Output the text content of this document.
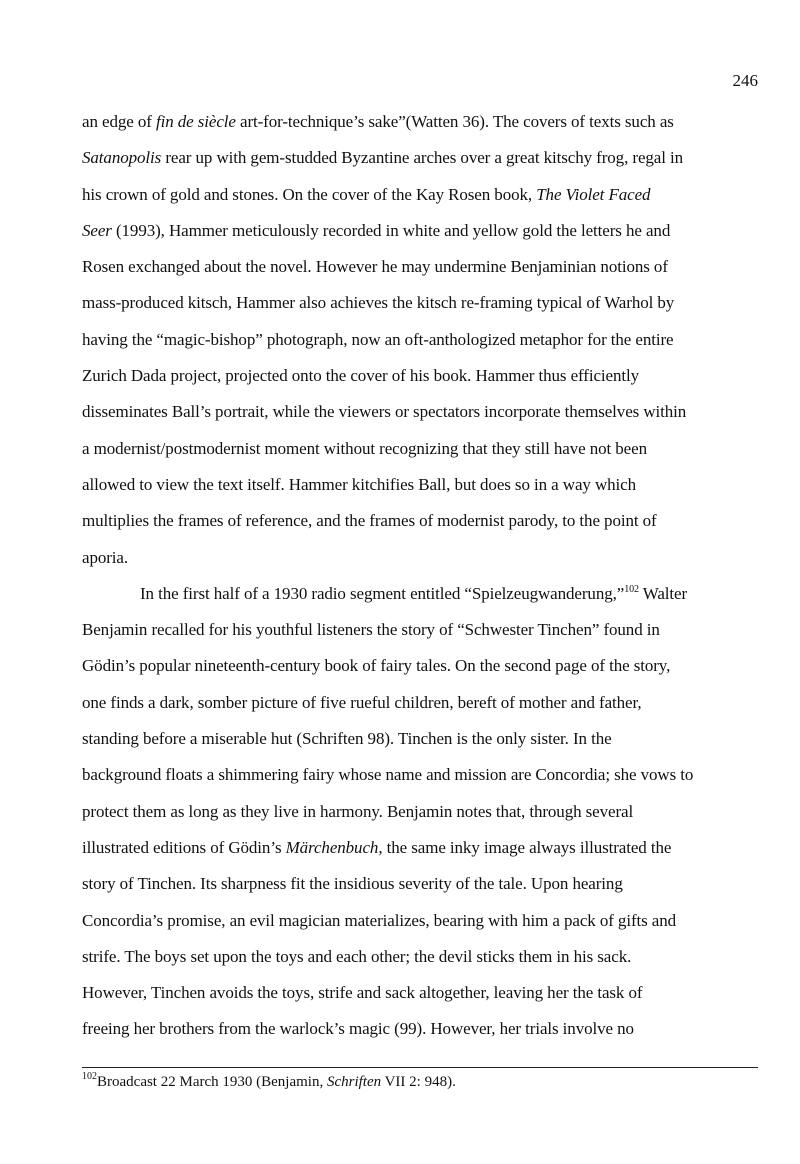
246
an edge of fin de siècle art-for-technique’s sake”(Watten 36). The covers of texts such as
Satanopolis rear up with gem-studded Byzantine arches over a great kitschy frog, regal in
his crown of gold and stones. On the cover of the Kay Rosen book, The Violet Faced
Seer (1993), Hammer meticulously recorded in white and yellow gold the letters he and
Rosen exchanged about the novel. However he may undermine Benjaminian notions of
mass-produced kitsch, Hammer also achieves the kitsch re-framing typical of Warhol by
having the “magic-bishop” photograph, now an oft-anthologized metaphor for the entire
Zurich Dada project, projected onto the cover of his book. Hammer thus efficiently
disseminates Ball’s portrait, while the viewers or spectators incorporate themselves within
a modernist/postmodernist moment without recognizing that they still have not been
allowed to view the text itself. Hammer kitchifies Ball, but does so in a way which
multiplies the frames of reference, and the frames of modernist parody, to the point of
aporia.
In the first half of a 1930 radio segment entitled “Spielzeugwanderung,”$^{102}$ Walter
Benjamin recalled for his youthful listeners the story of “Schwester Tinchen” found in
Gödin’s popular nineteenth-century book of fairy tales. On the second page of the story,
one finds a dark, somber picture of five rueful children, bereft of mother and father,
standing before a miserable hut (Schriften 98). Tinchen is the only sister. In the
background floats a shimmering fairy whose name and mission are Concordia; she vows to
protect them as long as they live in harmony. Benjamin notes that, through several
illustrated editions of Gödin’s Märchenbuch, the same inky image always illustrated the
story of Tinchen. Its sharpness fit the insidious severity of the tale. Upon hearing
Concordia’s promise, an evil magician materializes, bearing with him a pack of gifts and
strife. The boys set upon the toys and each other; the devil sticks them in his sack.
However, Tinchen avoids the toys, strife and sack altogether, leaving her the task of
freeing her brothers from the warlock’s magic (99). However, her trials involve no
$^{102}$Broadcast 22 March 1930 (Benjamin, Schriften VII 2: 948).
